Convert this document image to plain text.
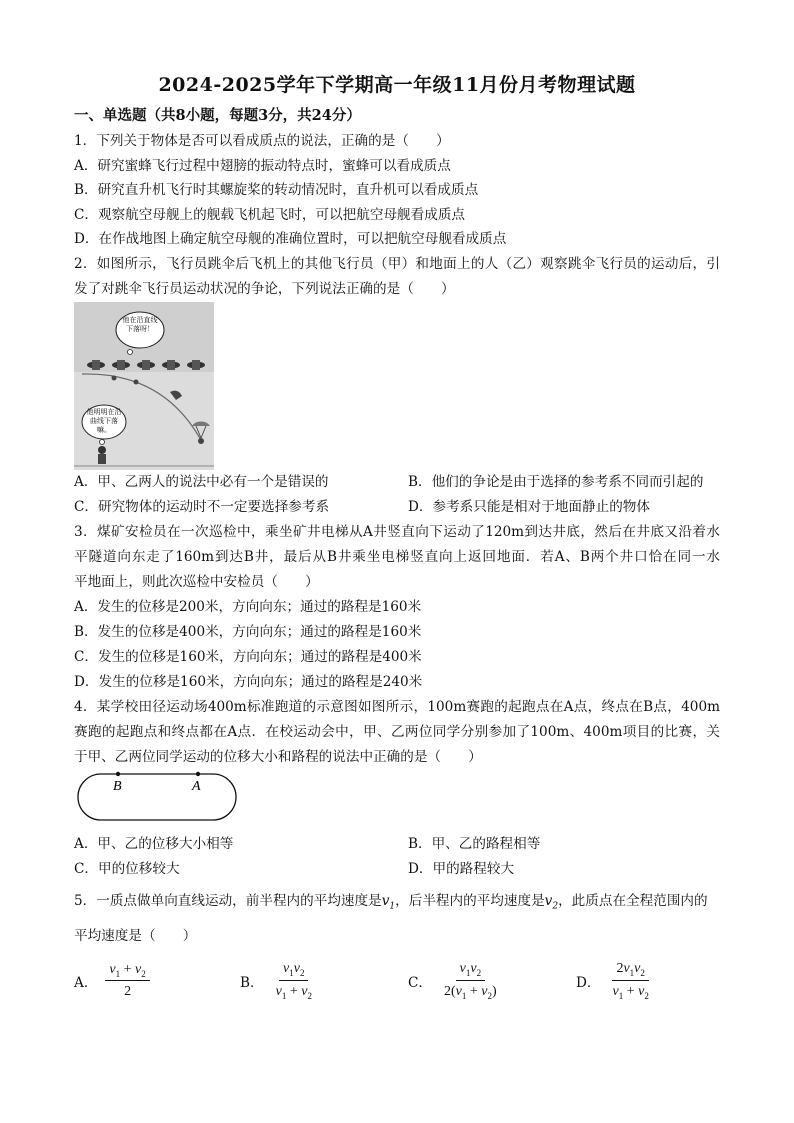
2024-2025学年下学期高一年级11月份月考物理试题
一、单选题（共8小题，每题3分，共24分）
1．下列关于物体是否可以看成质点的说法，正确的是（　　）
A．研究蜜蜂飞行过程中翅膀的振动特点时，蜜蜂可以看成质点
B．研究直升机飞行时其螺旋桨的转动情况时，直升机可以看成质点
C．观察航空母舰上的舰载飞机起飞时，可以把航空母舰看成质点
D．在作战地图上确定航空母舰的准确位置时，可以把航空母舰看成质点
2．如图所示，飞行员跳伞后飞机上的其他飞行员（甲）和地面上的人（乙）观察跳伞飞行员的运动后，引
发了对跳伞飞行员运动状况的争论，下列说法正确的是（　　）
他在沿直线下落呀！
他明明在沿曲线下落嘛。
A．甲、乙两人的说法中必有一个是错误的	B．他们的争论是由于选择的参考系不同而引起的
C．研究物体的运动时不一定要选择参考系	D．参考系只能是相对于地面静止的物体
3．煤矿安检员在一次巡检中，乘坐矿井电梯从A井竖直向下运动了120m到达井底，然后在井底又沿着水
平隧道向东走了160m到达B井，最后从B井乘坐电梯竖直向上返回地面．若A、B两个井口恰在同一水
平地面上，则此次巡检中安检员（　　）
A．发生的位移是200米，方向向东；通过的路程是160米
B．发生的位移是400米，方向向东；通过的路程是160米
C．发生的位移是160米，方向向东；通过的路程是400米
D．发生的位移是160米，方向向东；通过的路程是240米
4．某学校田径运动场400m标准跑道的示意图如图所示，100m赛跑的起跑点在A点，终点在B点，400m
赛跑的起跑点和终点都在A点．在校运动会中，甲、乙两位同学分别参加了100m、400m项目的比赛，关
于甲、乙两位同学运动的位移大小和路程的说法中正确的是（　　）
B	A
A．甲、乙的位移大小相等	B．甲、乙的路程相等
C．甲的位移较大	D．甲的路程较大
5．一质点做单向直线运动，前半程内的平均速度是$v_1$，后半程内的平均速度是$v_2$，此质点在全程范围内的
平均速度是（　　）
A． $\frac{v_1 + v_2}{2}$	B． $\frac{v_1v_2}{v_1 + v_2}$	C． $\frac{v_1v_2}{2(v_1 + v_2)}$	D． $\frac{2v_1v_2}{v_1 + v_2}$
